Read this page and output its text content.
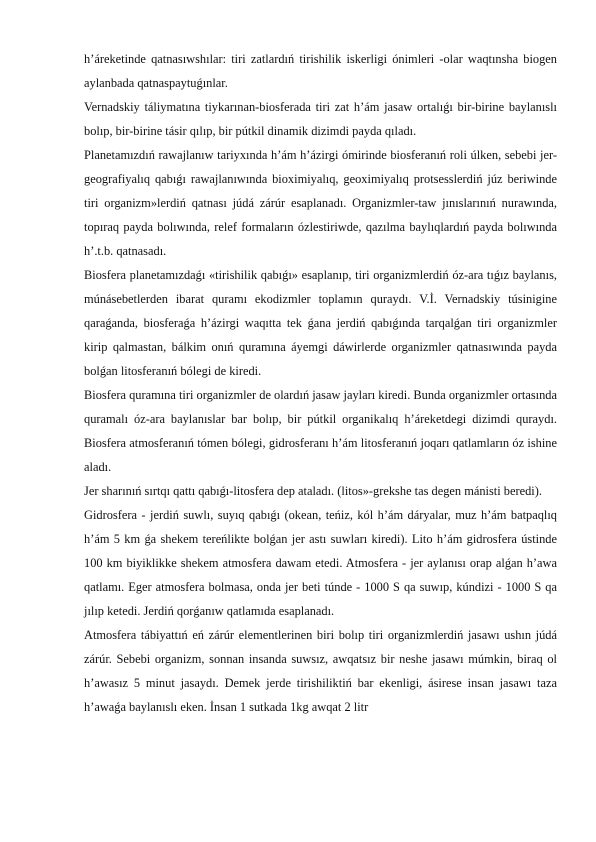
h’áreketinde qatnasıwshılar: tiri zatlardıń tirishilik iskerligi ónimleri -olar waqtınsha biogen aylanbada qatnaspaytuǵınlar.

Vernadskiy táliymatına tiykarınan-biosferada tiri zat h’ám jasaw ortalıǵı bir-birine baylanıslı bolıp, bir-birine tásir qılıp, bir pútkil dinamik dizimdi payda qıladı.

Planetamızdıń rawajlanıw tariyxında h’ám h’ázirgi ómirinde biosferanıń roli úlken, sebebi jer-geografiyalıq qabıǵı rawajlanıwında bioximiyalıq, geoximiyalıq protsesslerdiń júz beriwinde tiri organizm»lerdiń qatnası júdá zárúr esaplanadı. Organizmler-taw jınıslarınıń nurawında, topıraq payda bolıwında, relef formaların ózlestiriwde, qazılma baylıqlardıń payda bolıwında h’.t.b. qatnasadı.

Biosfera planetamızdaǵı «tirishilik qabıǵı» esaplanıp, tiri organizmlerdiń óz-ara tıǵız baylanıs, múnásebetlerden ibarat quramı ekodizmler toplamın quraydı. V.İ. Vernadskiy túsinigine qaraǵanda, biosferaǵa h’ázirgi waqıtta tek ǵana jerdiń qabıǵında tarqalǵan tiri organizmler kirip qalmastan, bálkim onıń quramına áyemgi dáwirlerde organizmler qatnasıwında payda bolǵan litosferanıń bólegi de kiredi.

Biosfera quramına tiri organizmler de olardıń jasaw jayları kiredi. Bunda organizmler ortasında quramalı óz-ara baylanıslar bar bolıp, bir pútkil organikalıq h’áreketdegi dizimdi quraydı. Biosfera atmosferanıń tómen bólegi, gidrosferanı h’ám litosferanıń joqarı qatlamların óz ishine aladı.

Jer sharınıń sırtqı qattı qabıǵı-litosfera dep ataladı. (litos»-grekshe tas degen mánisti beredi).

Gidrosfera - jerdiń suwlı, suyıq qabıǵı (okean, teńiz, kól h’ám dáryalar, muz h’ám batpaqlıq h’ám 5 km ǵa shekem tereńlikte bolǵan jer astı suwları kiredi). Lito h’ám gidrosfera ústinde 100 km biyiklikke shekem atmosfera dawam etedi. Atmosfera - jer aylanısı orap alǵan h’awa qatlamı. Eger atmosfera bolmasa, onda jer beti túnde - 1000 S qa suwıp, kúndizi - 1000 S qa jılıp ketedi. Jerdiń qorǵanıw qatlamıda esaplanadı.

Atmosfera tábiyattıń eń zárúr elementlerinen biri bolıp tiri organizmlerdiń jasawı ushın júdá zárúr. Sebebi organizm, sonnan insanda suwsız, awqatsız bir neshe jasawı múmkin, biraq ol h’awasız 5 minut jasaydı. Demek jerde tirishiliktiń bar ekenligi, ásirese insan jasawı taza h’awaǵa baylanıslı eken. İnsan 1 sutkada 1kg awqat 2 litr
